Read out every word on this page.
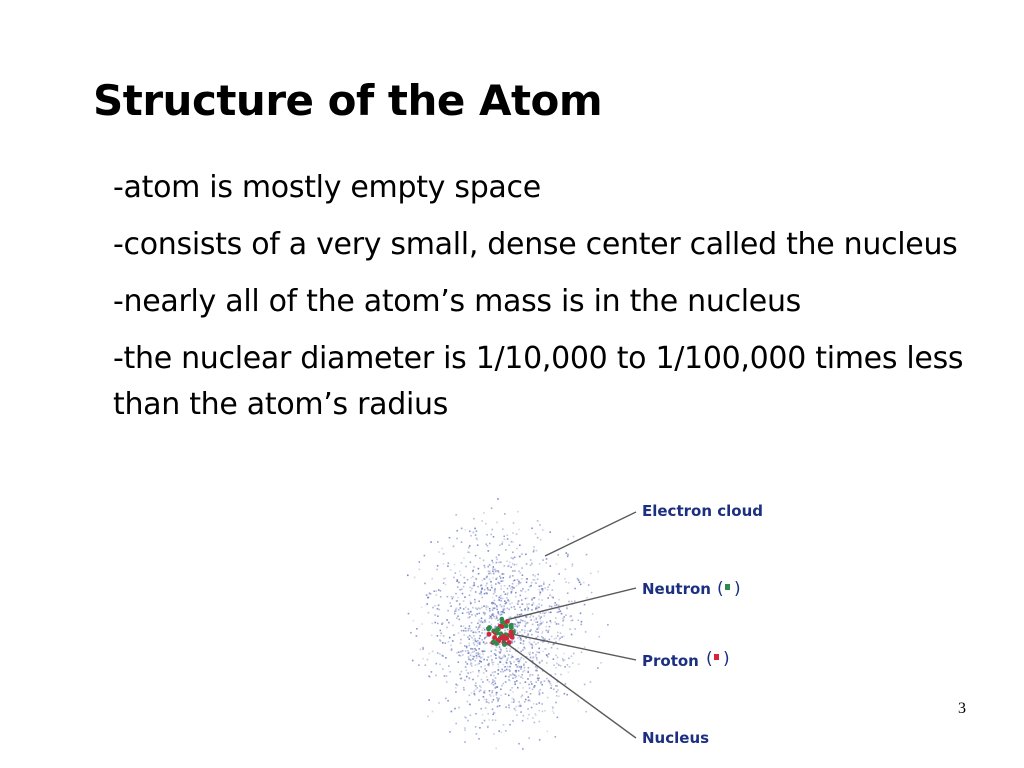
Structure of the Atom

-atom is mostly empty space

-consists of a very small, dense center called the nucleus

-nearly all of the atom’s mass is in the nucleus

-the nuclear diameter is 1/10,000 to 1/100,000 times less than the atom’s radius

Electron cloud
Neutron ( )
Proton ( )
Nucleus
3
